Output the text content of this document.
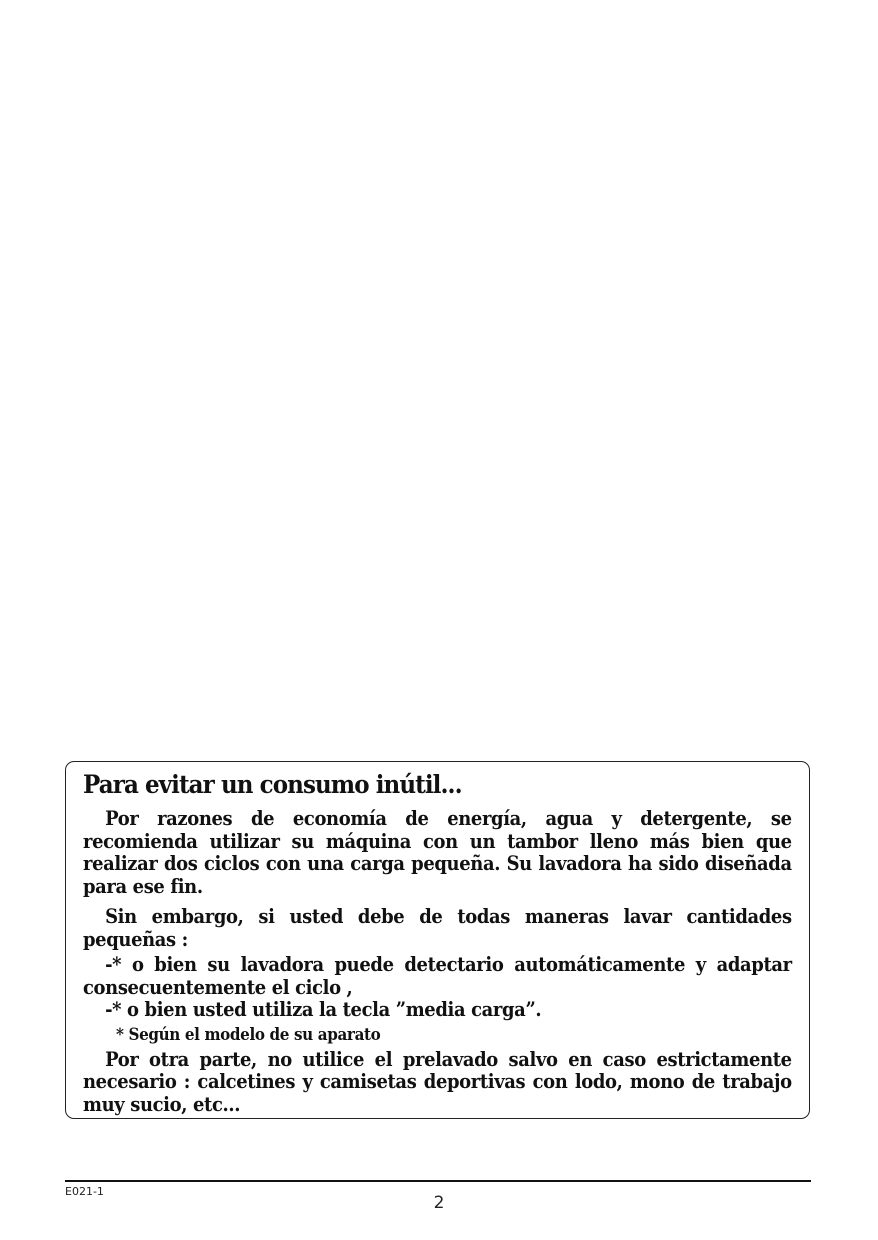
Para evitar un consumo inútil...

Por razones de economía de energía, agua y detergente, se recomienda utilizar su máquina con un tambor lleno más bien que realizar dos ciclos con una carga pequeña. Su lavadora ha sido diseñada para ese fin.

Sin embargo, si usted debe de todas maneras lavar cantidades pequeñas :

-* o bien su lavadora puede detectario automáticamente y adaptar consecuentemente el ciclo ,

-* o bien usted utiliza la tecla ”media carga”.

* Según el modelo de su aparato

Por otra parte, no utilice el prelavado salvo en caso estrictamente necesario : calcetines y camisetas deportivas con lodo, mono de trabajo muy sucio, etc...

E021-1
2
